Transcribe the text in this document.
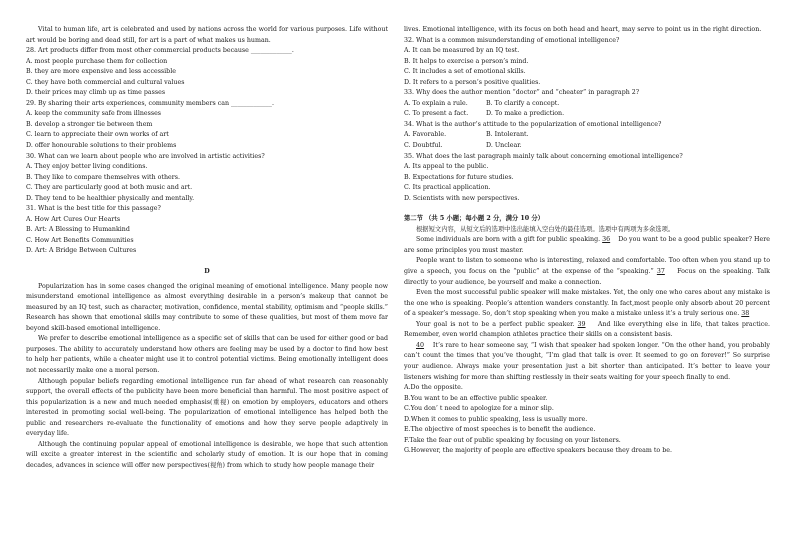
Vital to human life, art is celebrated and used by nations across the world for various purposes. Life without art would be boring and dead still, for art is a part of what makes us human.
28. Art products differ from most other commercial products because _____________.
A. most people purchase them for collection
B. they are more expensive and less accessible
C. they have both commercial and cultural values
D. their prices may climb up as time passes
29. By sharing their arts experiences, community members can _____________.
A. keep the community safe from illnesses
B. develop a stronger tie between them
C. learn to appreciate their own works of art
D. offer honourable solutions to their problems
30. What can we learn about people who are involved in artistic activities?
A. They enjoy better living conditions.
B. They like to compare themselves with others.
C. They are particularly good at both music and art.
D. They tend to be healthier physically and mentally.
31. What is the best title for this passage?
A. How Art Cures Our Hearts
B. Art: A Blessing to Humankind
C. How Art Benefits Communities
D. Art: A Bridge Between Cultures
D
Popularization has in some cases changed the original meaning of emotional intelligence. Many people now misunderstand emotional intelligence as almost everything desirable in a person’s makeup that cannot be measured by an IQ test, such as character, motivation, confidence, mental stability, optimism and “people skills.” Research has shown that emotional skills may contribute to some of these qualities, but most of them move far beyond skill-based emotional intelligence.
We prefer to describe emotional intelligence as a specific set of skills that can be used for either good or bad purposes. The ability to accurately understand how others are feeling may be used by a doctor to find how best to help her patients, while a cheater might use it to control potential victims. Being emotionally intelligent does not necessarily make one a moral person.
Although popular beliefs regarding emotional intelligence run far ahead of what research can reasonably support, the overall effects of the publicity have been more beneficial than harmful. The most positive aspect of this popularization is a new and much needed emphasis(重视) on emotion by employers, educators and others interested in promoting social well-being. The popularization of emotional intelligence has helped both the public and researchers re-evaluate the functionality of emotions and how they serve people adaptively in everyday life.
Although the continuing popular appeal of emotional intelligence is desirable, we hope that such attention will excite a greater interest in the scientific and scholarly study of emotion. It is our hope that in coming decades, advances in science will offer new perspectives(视角) from which to study how people manage their
lives. Emotional intelligence, with its focus on both head and heart, may serve to point us in the right direction.
32. What is a common misunderstanding of emotional intelligence?
A. It can be measured by an IQ test.
B. It helps to exercise a person’s mind.
C. It includes a set of emotional skills.
D. It refers to a person’s positive qualities.
33. Why does the author mention “doctor” and “cheater” in paragraph 2?
A. To explain a rule.	B. To clarify a concept.
C. To present a fact.	D. To make a prediction.
34. What is the author’s attitude to the popularization of emotional intelligence?
A. Favorable.	B. Intolerant.
C. Doubtful.	D. Unclear.
35. What does the last paragraph mainly talk about concerning emotional intelligence?
A. Its appeal to the public.
B. Expectations for future studies.
C. Its practical application.
D. Scientists with new perspectives.
第二节 （共 5 小题；每小题 2 分，满分 10 分）
根据短文内容，从短文后的选项中选出能填入空白处的最佳选项。选项中有两项为多余选项。
Some individuals are born with a gift for public speaking. 36 Do you want to be a good public speaker? Here are some principles you must master.
People want to listen to someone who is interesting, relaxed and comfortable. Too often when you stand up to give a speech, you focus on the “public” at the expense of the “speaking.” 37 Focus on the speaking. Talk directly to your audience, be yourself and make a connection.
Even the most successful public speaker will make mistakes. Yet, the only one who cares about any mistake is the one who is speaking. People’s attention wanders constantly. In fact,most people only absorb about 20 percent of a speaker’s message. So, don’t stop speaking when you make a mistake unless it’s a truly serious one. 38
Your goal is not to be a perfect public speaker. 39 And like everything else in life, that takes practice. Remember, even world champion athletes practice their skills on a consistent basis.
40 It’s rare to hear someone say, “I wish that speaker had spoken longer. “On the other hand, you probably can’t count the times that you’ve thought, “I’m glad that talk is over. It seemed to go on forever!” So surprise your audience. Always make your presentation just a bit shorter than anticipated. It’s better to leave your listeners wishing for more than shifting restlessly in their seats waiting for your speech finally to end.
A.Do the opposite.
B.You want to be an effective public speaker.
C.You don’ t need to apologize for a minor slip.
D.When it comes to public speaking, less is usually more.
E.The objective of most speeches is to benefit the audience.
F.Take the fear out of public speaking by focusing on your listeners.
G.However, the majority of people are effective speakers because they dream to be.
